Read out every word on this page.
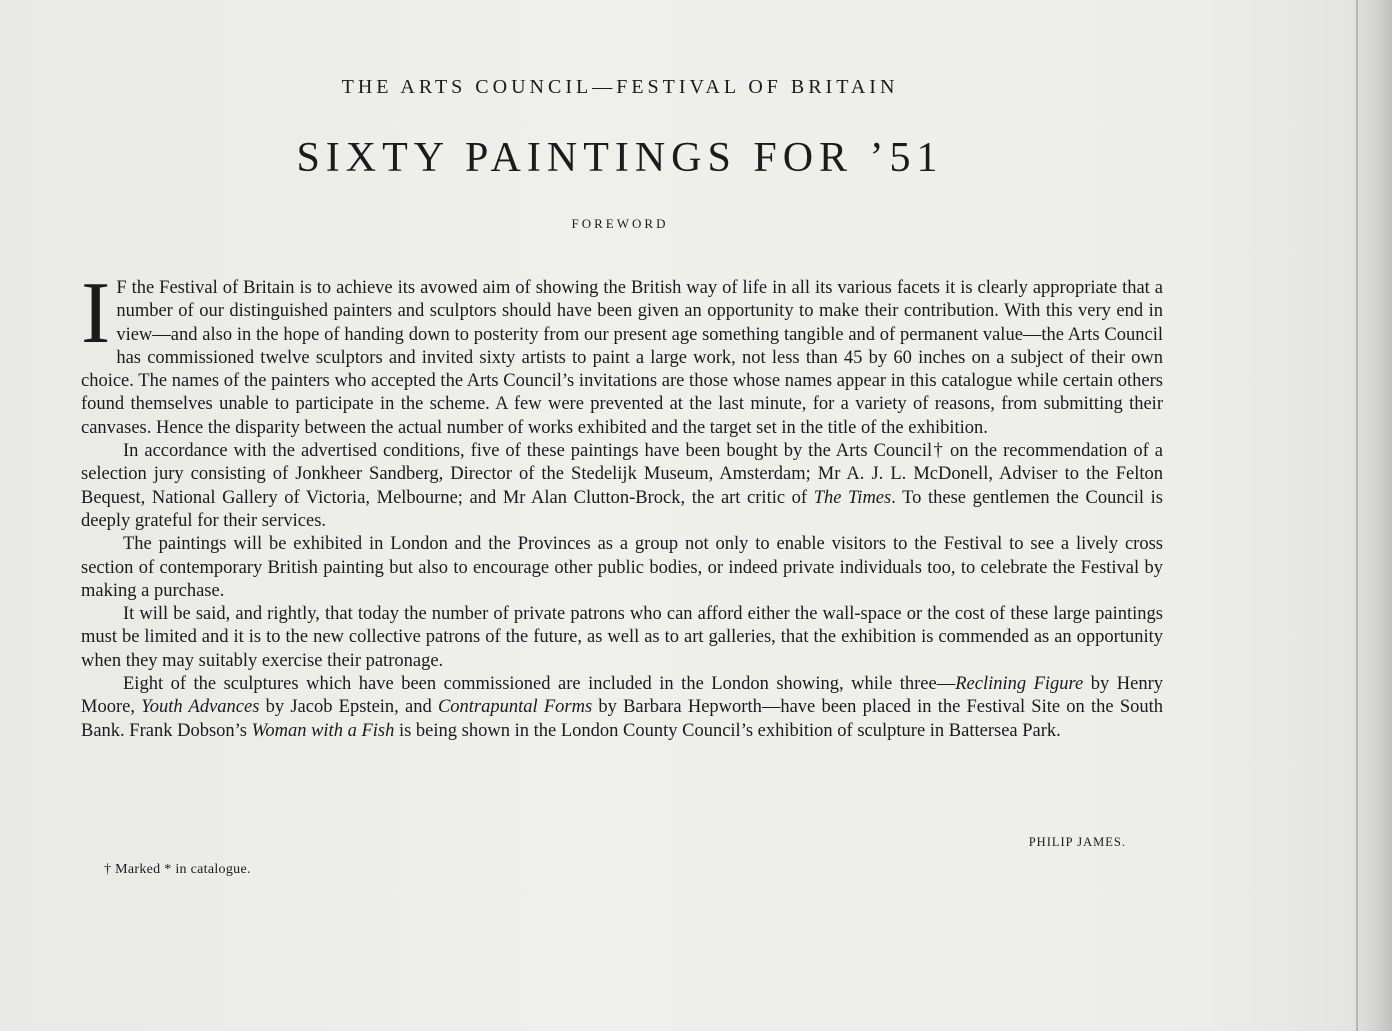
THE ARTS COUNCIL—FESTIVAL OF BRITAIN
SIXTY PAINTINGS FOR ’51
FOREWORD

I F the Festival of Britain is to achieve its avowed aim of showing the British way of life in all its various facets it is clearly appropriate that a number of our distinguished painters and sculptors should have been given an opportunity to make their contribution. With this very end in view—and also in the hope of handing down to posterity from our present age something tangible and of permanent value—the Arts Council has commissioned twelve sculptors and invited sixty artists to paint a large work, not less than 45 by 60 inches on a subject of their own choice. The names of the painters who accepted the Arts Council’s invitations are those whose names appear in this catalogue while certain others found themselves unable to participate in the scheme. A few were prevented at the last minute, for a variety of reasons, from submitting their canvases. Hence the disparity between the actual number of works exhibited and the target set in the title of the exhibition.

In accordance with the advertised conditions, five of these paintings have been bought by the Arts Council† on the recommendation of a selection jury consisting of Jonkheer Sandberg, Director of the Stedelijk Museum, Amsterdam; Mr A. J. L. McDonell, Adviser to the Felton Bequest, National Gallery of Victoria, Melbourne; and Mr Alan Clutton-Brock, the art critic of The Times. To these gentlemen the Council is deeply grateful for their services.

The paintings will be exhibited in London and the Provinces as a group not only to enable visitors to the Festival to see a lively cross section of contemporary British painting but also to encourage other public bodies, or indeed private individuals too, to celebrate the Festival by making a purchase.

It will be said, and rightly, that today the number of private patrons who can afford either the wall-space or the cost of these large paintings must be limited and it is to the new collective patrons of the future, as well as to art galleries, that the exhibition is commended as an opportunity when they may suitably exercise their patronage.

Eight of the sculptures which have been commissioned are included in the London showing, while three—Reclining Figure by Henry Moore, Youth Advances by Jacob Epstein, and Contrapuntal Forms by Barbara Hepworth—have been placed in the Festival Site on the South Bank. Frank Dobson’s Woman with a Fish is being shown in the London County Council’s exhibition of sculpture in Battersea Park.

PHILIP JAMES.
† Marked * in catalogue.
